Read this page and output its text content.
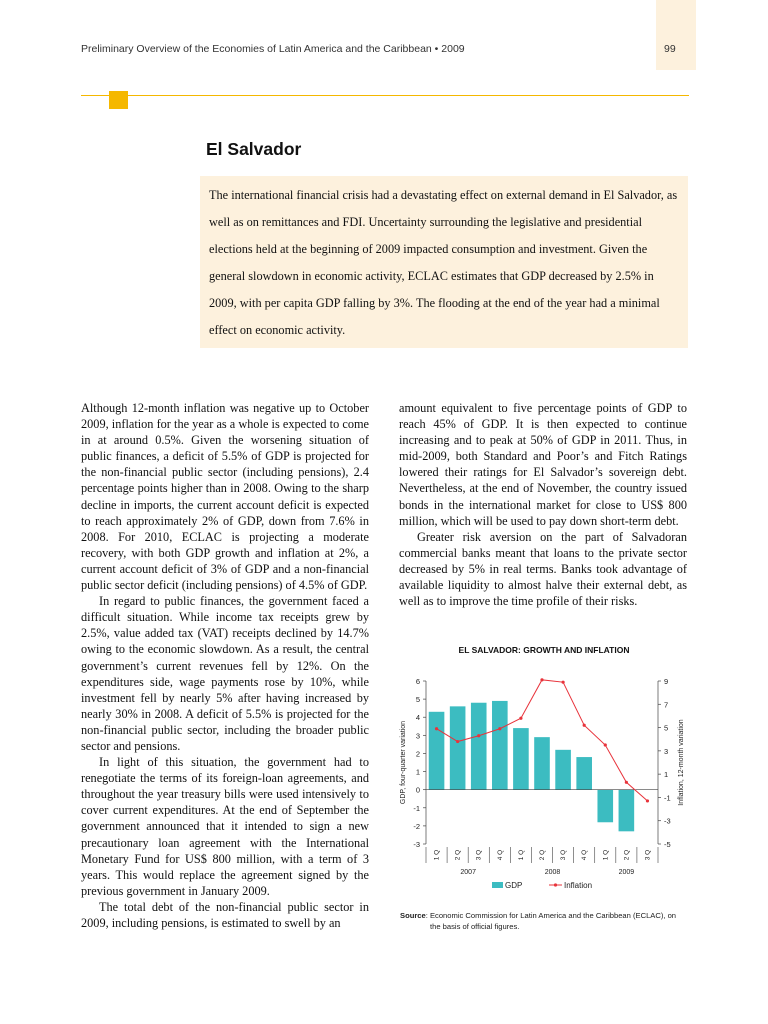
Preliminary Overview of the Economies of Latin America and the Caribbean • 2009	99
El Salvador

The international financial crisis had a devastating effect on external demand in El Salvador, as well as on remittances and FDI. Uncertainty surrounding the legislative and presidential elections held at the beginning of 2009 impacted consumption and investment. Given the general slowdown in economic activity, ECLAC estimates that GDP decreased by 2.5% in 2009, with per capita GDP falling by 3%. The flooding at the end of the year had a minimal effect on economic activity.

Although 12-month inflation was negative up to October 2009, inflation for the year as a whole is expected to come in at around 0.5%. Given the worsening situation of public finances, a deficit of 5.5% of GDP is projected for the non-financial public sector (including pensions), 2.4 percentage points higher than in 2008. Owing to the sharp decline in imports, the current account deficit is expected to reach approximately 2% of GDP, down from 7.6% in 2008. For 2010, ECLAC is projecting a moderate recovery, with both GDP growth and inflation at 2%, a current account deficit of 3% of GDP and a non-financial public sector deficit (including pensions) of 4.5% of GDP.

In regard to public finances, the government faced a difficult situation. While income tax receipts grew by 2.5%, value added tax (VAT) receipts declined by 14.7% owing to the economic slowdown. As a result, the central government’s current revenues fell by 12%. On the expenditures side, wage payments rose by 10%, while investment fell by nearly 5% after having increased by nearly 30% in 2008. A deficit of 5.5% is projected for the non-financial public sector, including the broader public sector and pensions.

In light of this situation, the government had to renegotiate the terms of its foreign-loan agreements, and throughout the year treasury bills were used intensively to cover current expenditures. At the end of September the government announced that it intended to sign a new precautionary loan agreement with the International Monetary Fund for US$ 800 million, with a term of 3 years. This would replace the agreement signed by the previous government in January 2009.

The total debt of the non-financial public sector in 2009, including pensions, is estimated to swell by an

amount equivalent to five percentage points of GDP to reach 45% of GDP. It is then expected to continue increasing and to peak at 50% of GDP in 2011. Thus, in mid-2009, both Standard and Poor’s and Fitch Ratings lowered their ratings for El Salvador’s sovereign debt. Nevertheless, at the end of November, the country issued bonds in the international market for close to US$ 800 million, which will be used to pay down short-term debt.

Greater risk aversion on the part of Salvadoran commercial banks meant that loans to the private sector decreased by 5% in real terms. Banks took advantage of available liquidity to almost halve their external debt, as well as to improve the time profile of their risks.

EL SALVADOR: GROWTH AND INFLATION
-3
-2
-1
0
1
2
3
4
5
6
-5
-3
-1
1
3
5
7
9
GDP, four-quarter variation	Inflation, 12-month variation
1 Q 2 Q 3 Q 4 Q 1 Q 2 Q 3 Q 4 Q 1 Q 2 Q 3 Q
2007	2008	2009
GDP	Inflation
Source: Economic Commission for Latin America and the Caribbean (ECLAC), on
the basis of official figures.
